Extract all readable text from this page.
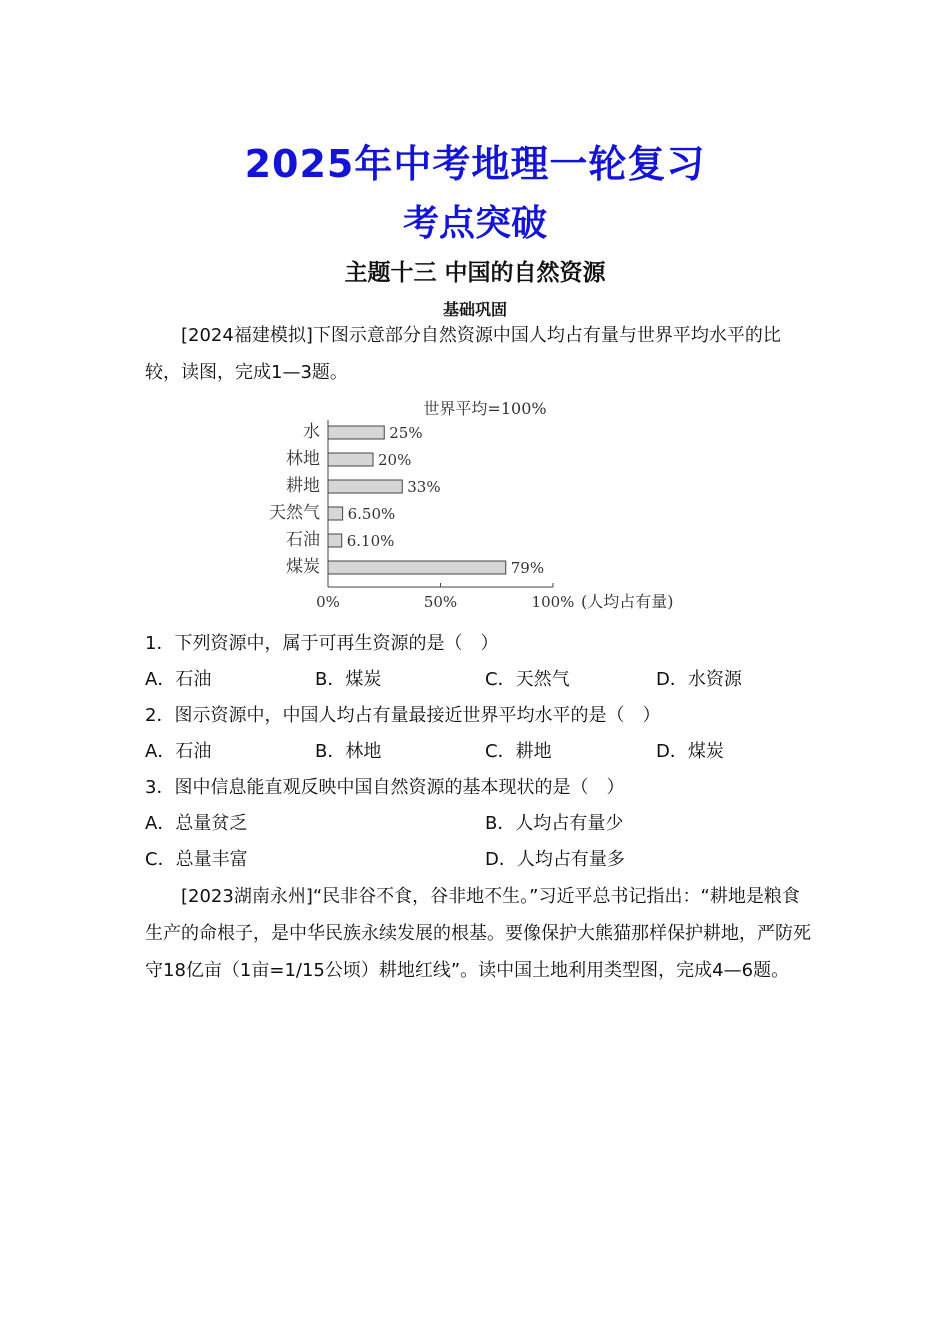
2025年中考地理一轮复习
考点突破
主题十三 中国的自然资源
基础巩固

[2024福建模拟]下图示意部分自然资源中国人均占有量与世界平均水平的比较，读图，完成1—3题。

世界平均=100%
水	25%
林地	20%
耕地	33%
天然气 6.50%
石油 6.10%
煤炭	79%
0%	50%	100% (人均占有量)
1．下列资源中，属于可再生资源的是（　）
A．石油	B．煤炭	C．天然气	D．水资源
2．图示资源中，中国人均占有量最接近世界平均水平的是（　）
A．石油	B．林地	C．耕地	D．煤炭
3．图中信息能直观反映中国自然资源的基本现状的是（　）
A．总量贫乏	B．人均占有量少
C．总量丰富	D．人均占有量多

[2023湖南永州]“民非谷不食，谷非地不生。”习近平总书记指出：“耕地是粮食生产的命根子，是中华民族永续发展的根基。要像保护大熊猫那样保护耕地，严防死守18亿亩（1亩=1/15公顷）耕地红线”。读中国土地利用类型图，完成4—6题。
